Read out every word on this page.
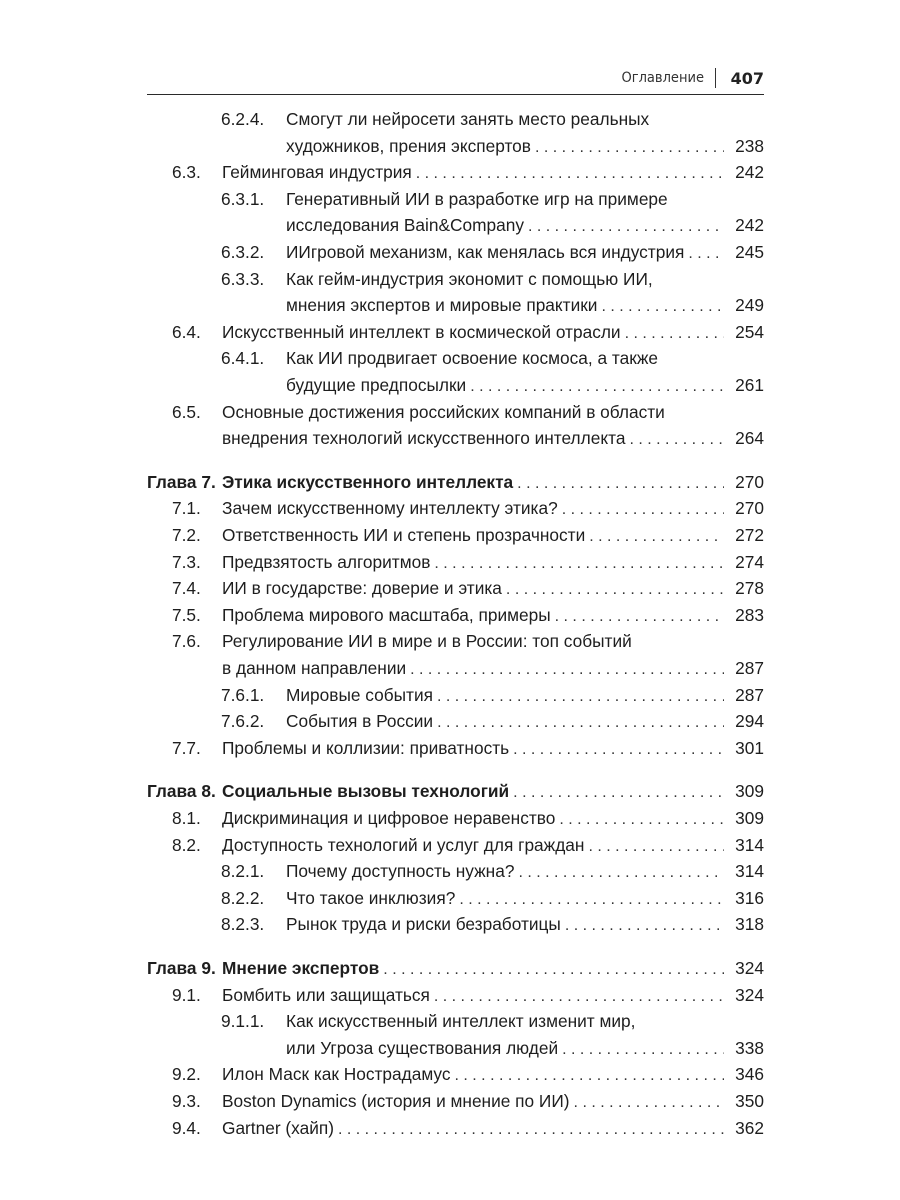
Оглавление 407
6.2.4. Смогут ли нейросети занять место реальных
художников, прения экспертов . . .	238
6.3. Гейминговая индустрия . . .	242
6.3.1. Генеративный ИИ в разработке игр на примере
исследования Bain&Company . . .	242
6.3.2. ИИгровой механизм, как менялась вся индустрия . . .	245
6.3.3. Как гейм-индустрия экономит с помощью ИИ,
мнения экспертов и мировые практики . . .	249
6.4. Искусственный интеллект в космической отрасли . . .	254
6.4.1. Как ИИ продвигает освоение космоса, а также
будущие предпосылки . . .	261
6.5. Основные достижения российских компаний в области
внедрения технологий искусственного интеллекта . . .	264
Глава 7. Этика искусственного интеллекта . . .	270
7.1. Зачем искусственному интеллекту этика? . . .	270
7.2. Ответственность ИИ и степень прозрачности . . .	272
7.3. Предвзятость алгоритмов . . .	274
7.4. ИИ в государстве: доверие и этика . . .	278
7.5. Проблема мирового масштаба, примеры . . .	283
7.6. Регулирование ИИ в мире и в России: топ событий
в данном направлении . . .	287
7.6.1. Мировые события . . .	287
7.6.2. События в России . . .	294
7.7. Проблемы и коллизии: приватность . . .	301
Глава 8. Социальные вызовы технологий . . .	309
8.1. Дискриминация и цифровое неравенство . . .	309
8.2. Доступность технологий и услуг для граждан . . .	314
8.2.1. Почему доступность нужна? . . .	314
8.2.2. Что такое инклюзия? . . .	316
8.2.3. Рынок труда и риски безработицы . . .	318
Глава 9. Мнение экспертов . . .	324
9.1. Бомбить или защищаться . . .	324
9.1.1. Как искусственный интеллект изменит мир,
или Угроза существования людей . . .	338
9.2. Илон Маск как Нострадамус . . .	346
9.3. Boston Dynamics (история и мнение по ИИ) . . .	350
9.4. Gartner (хайп) . . .	362
